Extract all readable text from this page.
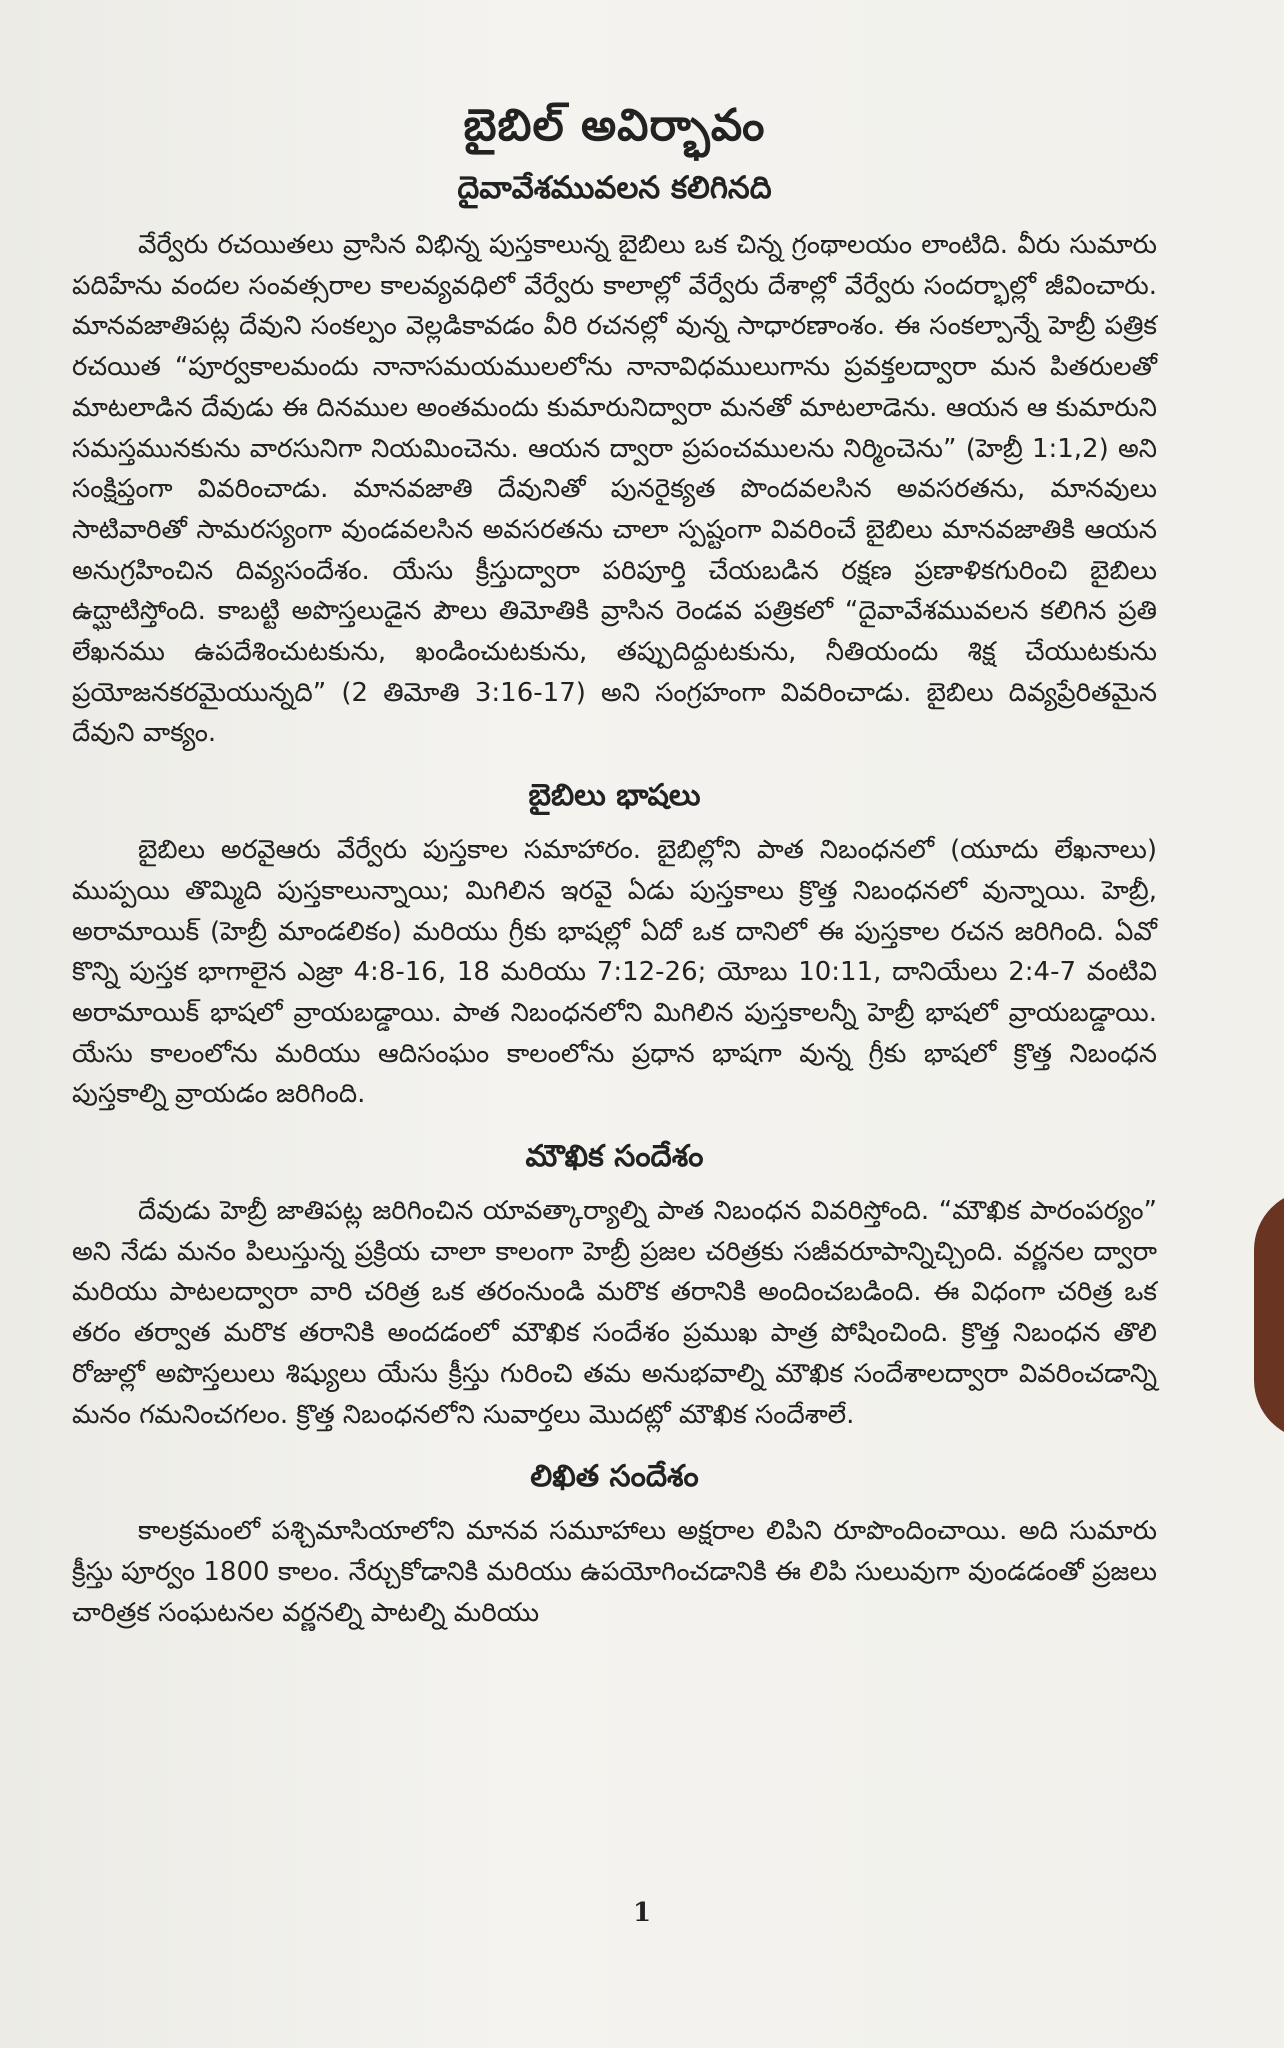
బైబిల్ అవిర్భావం
దైవావేశమువలన కలిగినది

వేర్వేరు రచయితలు వ్రాసిన విభిన్న పుస్తకాలున్న బైబిలు ఒక చిన్న గ్రంథాలయం లాంటిది. వీరు సుమారు పదిహేను వందల సంవత్సరాల కాలవ్యవధిలో వేర్వేరు కాలాల్లో వేర్వేరు దేశాల్లో వేర్వేరు సందర్భాల్లో జీవించారు. మానవజాతిపట్ల దేవుని సంకల్పం వెల్లడికావడం వీరి రచనల్లో వున్న సాధారణాంశం. ఈ సంకల్పాన్నే హెబ్రీ పత్రిక రచయిత “పూర్వకాలమందు నానాసమయములలోను నానావిధములుగాను ప్రవక్తలద్వారా మన పితరులతో మాటలాడిన దేవుడు ఈ దినముల అంతమందు కుమారునిద్వారా మనతో మాటలాడెను. ఆయన ఆ కుమారుని సమస్తమునకును వారసునిగా నియమించెను. ఆయన ద్వారా ప్రపంచములను నిర్మించెను” (హెబ్రీ 1:1,2) అని సంక్షిప్తంగా వివరించాడు. మానవజాతి దేవునితో పునరైక్యత పొందవలసిన అవసరతను, మానవులు సాటివారితో సామరస్యంగా వుండవలసిన అవసరతను చాలా స్పష్టంగా వివరించే బైబిలు మానవజాతికి ఆయన అనుగ్రహించిన దివ్యసందేశం. యేసు క్రీస్తుద్వారా పరిపూర్తి చేయబడిన రక్షణ ప్రణాళికగురించి బైబిలు ఉద్ఘాటిస్తోంది. కాబట్టి అపొస్తలుడైన పౌలు తిమోతికి వ్రాసిన రెండవ పత్రికలో “దైవావేశమువలన కలిగిన ప్రతి లేఖనము ఉపదేశించుటకును, ఖండించుటకును, తప్పుదిద్దుటకును, నీతియందు శిక్ష చేయుటకును ప్రయోజనకరమైయున్నది” (2 తిమోతి 3:16-17) అని సంగ్రహంగా వివరించాడు. బైబిలు దివ్యప్రేరితమైన దేవుని వాక్యం.

బైబిలు భాషలు

బైబిలు అరవైఆరు వేర్వేరు పుస్తకాల సమాహారం. బైబిల్లోని పాత నిబంధనలో (యూదు లేఖనాలు) ముప్పయి తొమ్మిది పుస్తకాలున్నాయి; మిగిలిన ఇరవై ఏడు పుస్తకాలు క్రొత్త నిబంధనలో వున్నాయి. హెబ్రీ, అరామాయిక్ (హెబ్రీ మాండలికం) మరియు గ్రీకు భాషల్లో ఏదో ఒక దానిలో ఈ పుస్తకాల రచన జరిగింది. ఏవో కొన్ని పుస్తక భాగాలైన ఎజ్రా 4:8-16, 18 మరియు 7:12-26; యోబు 10:11, దానియేలు 2:4-7 వంటివి అరామాయిక్ భాషలో వ్రాయబడ్డాయి. పాత నిబంధనలోని మిగిలిన పుస్తకాలన్నీ హెబ్రీ భాషలో వ్రాయబడ్డాయి. యేసు కాలంలోను మరియు ఆదిసంఘం కాలంలోను ప్రధాన భాషగా వున్న గ్రీకు భాషలో క్రొత్త నిబంధన పుస్తకాల్ని వ్రాయడం జరిగింది.

మౌఖిక సందేశం

దేవుడు హెబ్రీ జాతిపట్ల జరిగించిన యావత్కార్యాల్ని పాత నిబంధన వివరిస్తోంది. “మౌఖిక పారంపర్యం” అని నేడు మనం పిలుస్తున్న ప్రక్రియ చాలా కాలంగా హెబ్రీ ప్రజల చరిత్రకు సజీవరూపాన్నిచ్చింది. వర్ణనల ద్వారా మరియు పాటలద్వారా వారి చరిత్ర ఒక తరంనుండి మరొక తరానికి అందించబడింది. ఈ విధంగా చరిత్ర ఒక తరం తర్వాత మరొక తరానికి అందడంలో మౌఖిక సందేశం ప్రముఖ పాత్ర పోషించింది. క్రొత్త నిబంధన తొలి రోజుల్లో అపొస్తలులు శిష్యులు యేసు క్రీస్తు గురించి తమ అనుభవాల్ని మౌఖిక సందేశాలద్వారా వివరించడాన్ని మనం గమనించగలం. క్రొత్త నిబంధనలోని సువార్తలు మొదట్లో మౌఖిక సందేశాలే.

లిఖిత సందేశం

కాలక్రమంలో పశ్చిమాసియాలోని మానవ సమూహాలు అక్షరాల లిపిని రూపొందించాయి. అది సుమారు క్రీస్తు పూర్వం 1800 కాలం. నేర్చుకోడానికి మరియు ఉపయోగించడానికి ఈ లిపి సులువుగా వుండడంతో ప్రజలు చారిత్రక సంఘటనల వర్ణనల్ని పాటల్ని మరియు

1
